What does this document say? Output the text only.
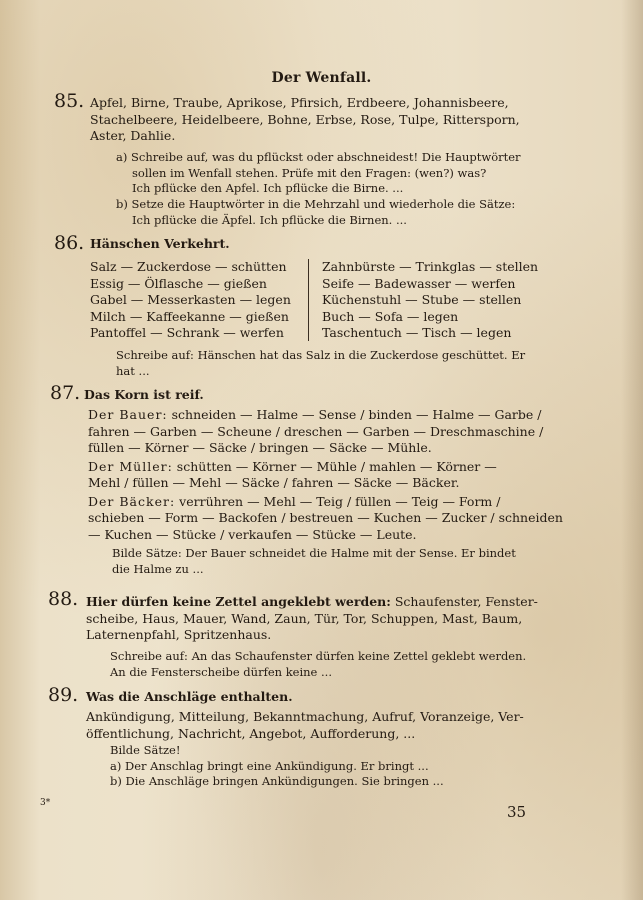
Der Wenfall.
85. Apfel, Birne, Traube, Aprikose, Pfirsich, Erdbeere, Johannisbeere,

Stachelbeere, Heidelbeere, Bohne, Erbse, Rose, Tulpe, Rittersporn,

Aster, Dahlie.

a) Schreibe auf, was du pflückst oder abschneidest! Die Hauptwörter

sollen im Wenfall stehen. Prüfe mit den Fragen: (wen?) was?

Ich pflücke den Apfel. Ich pflücke die Birne. ...

b) Setze die Hauptwörter in die Mehrzahl und wiederhole die Sätze:

Ich pflücke die Äpfel. Ich pflücke die Birnen. ...

86. Hänschen Verkehrt.
Salz — Zuckerdose — schütten
Essig — Ölflasche — gießen
Gabel — Messerkasten — legen
Milch — Kaffeekanne — gießen
Pantoffel — Schrank — werfen
Zahnbürste — Trinkglas — stellen
Seife — Badewasser — werfen
Küchenstuhl — Stube — stellen
Buch — Sofa — legen
Taschentuch — Tisch — legen

Schreibe auf: Hänschen hat das Salz in die Zuckerdose geschüttet. Er

hat ...

87. Das Korn ist reif.

Der Bauer: schneiden — Halme — Sense / binden — Halme — Garbe /

fahren — Garben — Scheune / dreschen — Garben — Dreschmaschine /

füllen — Körner — Säcke / bringen — Säcke — Mühle.

Der Müller: schütten — Körner — Mühle / mahlen — Körner —

Mehl / füllen — Mehl — Säcke / fahren — Säcke — Bäcker.

Der Bäcker: verrühren — Mehl — Teig / füllen — Teig — Form /

schieben — Form — Backofen / bestreuen — Kuchen — Zucker / schneiden

— Kuchen — Stücke / verkaufen — Stücke — Leute.

Bilde Sätze: Der Bauer schneidet die Halme mit der Sense. Er bindet

die Halme zu ...

88. Hier dürfen keine Zettel angeklebt werden: Schaufenster, Fenster-

scheibe, Haus, Mauer, Wand, Zaun, Tür, Tor, Schuppen, Mast, Baum,

Laternenpfahl, Spritzenhaus.

Schreibe auf: An das Schaufenster dürfen keine Zettel geklebt werden.

An die Fensterscheibe dürfen keine ...

89. Was die Anschläge enthalten.

Ankündigung, Mitteilung, Bekanntmachung, Aufruf, Voranzeige, Ver-

öffentlichung, Nachricht, Angebot, Aufforderung, ...

Bilde Sätze!

a) Der Anschlag bringt eine Ankündigung. Er bringt ...

b) Die Anschläge bringen Ankündigungen. Sie bringen ...

3*	35
